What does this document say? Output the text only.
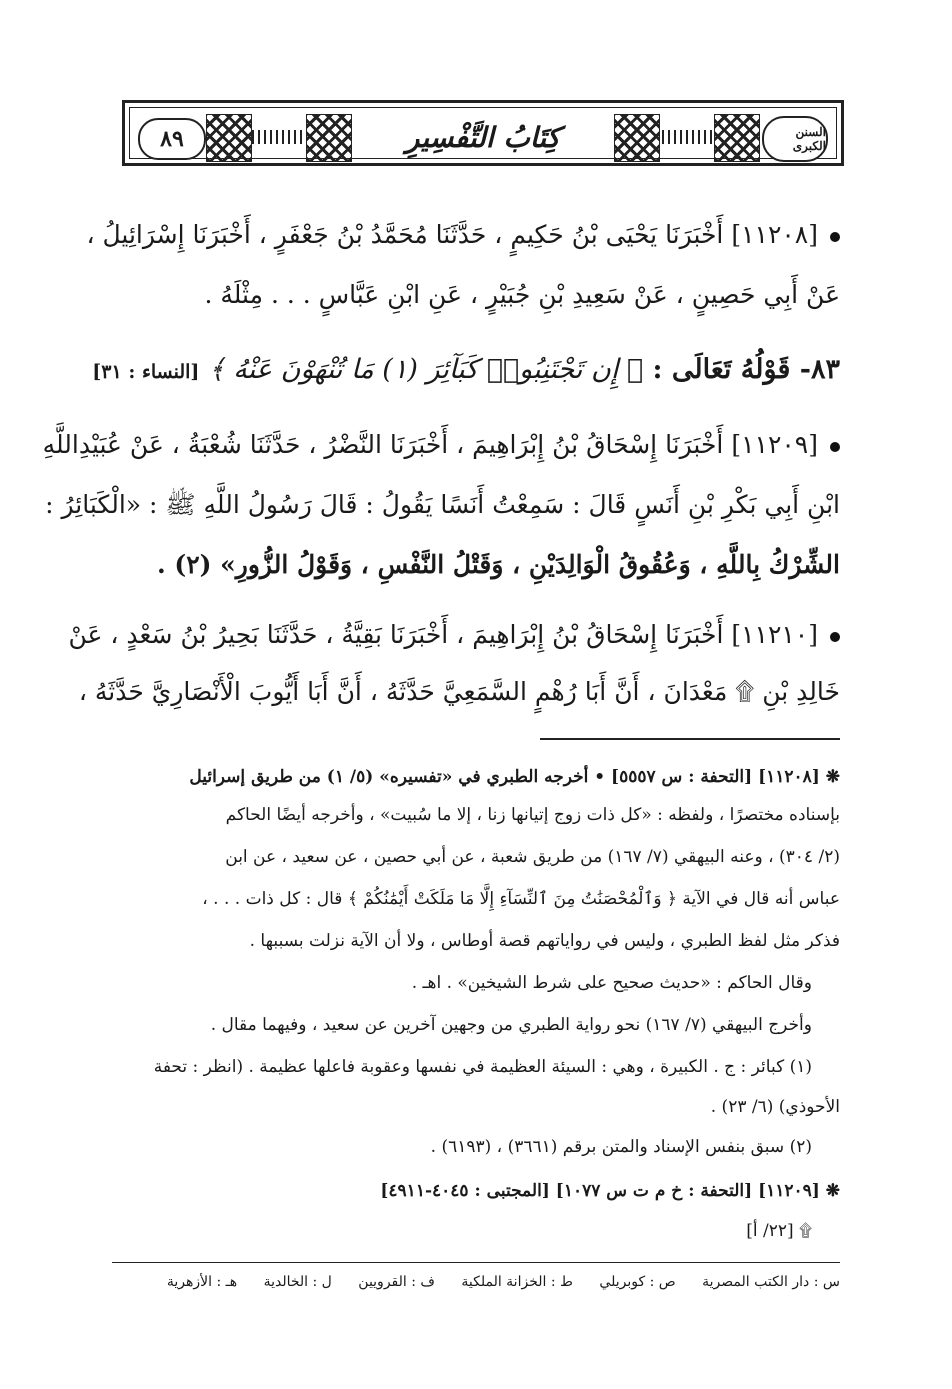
٨٩	كِتَابُ التَّفْسِيرِ	السنن الكبرى
[١١٢٠٨] أَخْبَرَنَا يَحْيَى بْنُ حَكِيمٍ ، حَدَّثَنَا مُحَمَّدُ بْنُ جَعْفَرٍ ، أَخْبَرَنَا إِسْرَائِيلُ ،
عَنْ أَبِي حَصِينٍ ، عَنْ سَعِيدِ بْنِ جُبَيْرٍ ، عَنِ ابْنِ عَبَّاسٍ . . . مِثْلَهُ .
٨٣- قَوْلُهُ تَعَالَى : ﴿ إِن تَجْتَنِبُوا۟ كَبَآئِرَ (١) مَا تُنْهَوْنَ عَنْهُ ﴾ [النساء : ٣١]
[١١٢٠٩] أَخْبَرَنَا إِسْحَاقُ بْنُ إِبْرَاهِيمَ ، أَخْبَرَنَا النَّضْرُ ، حَدَّثَنَا شُعْبَةُ ، عَنْ عُبَيْدِاللَّهِ
ابْنِ أَبِي بَكْرِ بْنِ أَنَسٍ قَالَ : سَمِعْتُ أَنَسًا يَقُولُ : قَالَ رَسُولُ اللَّهِ ﷺ : «الْكَبَائِرُ :
الشِّرْكُ بِاللَّهِ ، وَعُقُوقُ الْوَالِدَيْنِ ، وَقَتْلُ النَّفْسِ ، وَقَوْلُ الزُّورِ» (٢) .
[١١٢١٠] أَخْبَرَنَا إِسْحَاقُ بْنُ إِبْرَاهِيمَ ، أَخْبَرَنَا بَقِيَّةُ ، حَدَّثَنَا بَحِيرُ بْنُ سَعْدٍ ، عَنْ
خَالِدِ بْنِ ۩ مَعْدَانَ ، أَنَّ أَبَا رُهْمٍ السَّمَعِيَّ حَدَّثَهُ ، أَنَّ أَبَا أَيُّوبَ الْأَنْصَارِيَّ حَدَّثَهُ ،
❋ [١١٢٠٨] [التحفة : س ٥٥٥٧] • أخرجه الطبري في «تفسيره» (٥/ ١) من طريق إسرائيل
بإسناده مختصرًا ، ولفظه : «كل ذات زوج إتيانها زنا ، إلا ما سُبيت» ، وأخرجه أيضًا الحاكم
(٢/ ٣٠٤) ، وعنه البيهقي (٧/ ١٦٧) من طريق شعبة ، عن أبي حصين ، عن سعيد ، عن ابن
عباس أنه قال في الآية ﴿ وَٱلْمُحْصَنَٰتُ مِنَ ٱلنِّسَآءِ إِلَّا مَا مَلَكَتْ أَيْمَٰنُكُمْ ﴾ قال : كل ذات . . . ،
فذكر مثل لفظ الطبري ، وليس في رواياتهم قصة أوطاس ، ولا أن الآية نزلت بسببها .
وقال الحاكم : «حديث صحيح على شرط الشيخين» . اهـ .
وأخرج البيهقي (٧/ ١٦٧) نحو رواية الطبري من وجهين آخرين عن سعيد ، وفيهما مقال .
(١) كبائر : ج . الكبيرة ، وهي : السيئة العظيمة في نفسها وعقوبة فاعلها عظيمة . (انظر : تحفة
الأحوذي) (٦/ ٢٣) .
(٢) سبق بنفس الإسناد والمتن برقم (٣٦٦١) ، (٦١٩٣) .
❋ [١١٢٠٩] [التحفة : خ م ت س ١٠٧٧] [المجتبى : ٤٠٤٥-٤٩١١]
۩ [٢٢/ أ]
س : دار الكتب المصرية ص : كوبريلي ط : الخزانة الملكية ف : القرويين ل : الخالدية هـ : الأزهرية
